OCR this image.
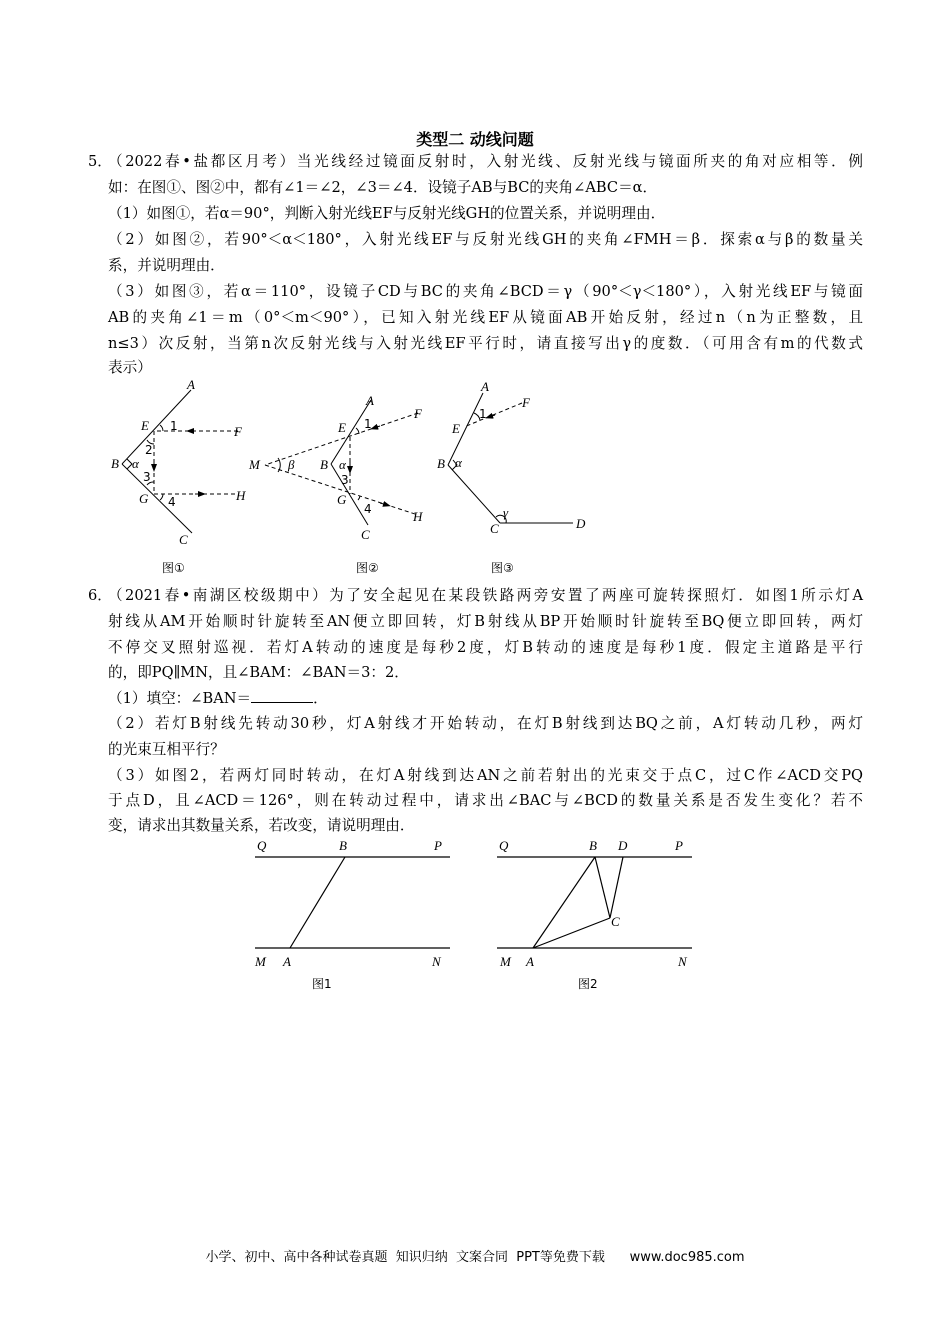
类型二 动线问题
5．
（2022春•盐都区月考）当光线经过镜面反射时，入射光线、反射光线与镜面所夹的角对应相等．例
如：在图①、图②中，都有∠1＝∠2，∠3＝∠4．设镜子AB与BC的夹角∠ABC＝α．
（1）如图①，若α＝90°，判断入射光线EF与反射光线GH的位置关系，并说明理由．
（2）如图②，若90°＜α＜180°，入射光线EF与反射光线GH的夹角∠FMH＝β．探索α与β的数量关
系，并说明理由．
（3）如图③，若α＝110°，设镜子CD与BC的夹角∠BCD＝γ（90°＜γ＜180°），入射光线EF与镜面
AB的夹角∠1＝m（0°＜m＜90°），已知入射光线EF从镜面AB开始反射，经过n（n为正整数，且
n≤3）次反射，当第n次反射光线与入射光线EF平行时，请直接写出γ的度数．（可用含有m的代数式
表示）
A
E 1	F
2
B α
3
G 4	H
C
图①
A
E 1
F
M β B α
3
G
4	H
C
图②
A
F
1
E
B α
γ
C	D
图③
Q	B	P
M A	N
图1
Q	B D	P
C
M A	N
图2
6．
（2021春•南湖区校级期中）为了安全起见在某段铁路两旁安置了两座可旋转探照灯．如图1所示灯A
射线从AM开始顺时针旋转至AN便立即回转，灯B射线从BP开始顺时针旋转至BQ便立即回转，两灯
不停交叉照射巡视．若灯A转动的速度是每秒2度，灯B转动的速度是每秒1度．假定主道路是平行
的，即PQ∥MN，且∠BAM：∠BAN＝3：2．
（1）填空：∠BAN＝	．
（2）若灯B射线先转动30秒，灯A射线才开始转动，在灯B射线到达BQ之前，A灯转动几秒，两灯
的光束互相平行？
（3）如图2，若两灯同时转动，在灯A射线到达AN之前若射出的光束交于点C，过C作∠ACD交PQ
于点D，且∠ACD＝126°，则在转动过程中，请求出∠BAC与∠BCD的数量关系是否发生变化？若不
变，请求出其数量关系，若改变，请说明理由．
小学、初中、高中各种试卷真题  知识归纳  文案合同  PPT等免费下载      www.doc985.com
